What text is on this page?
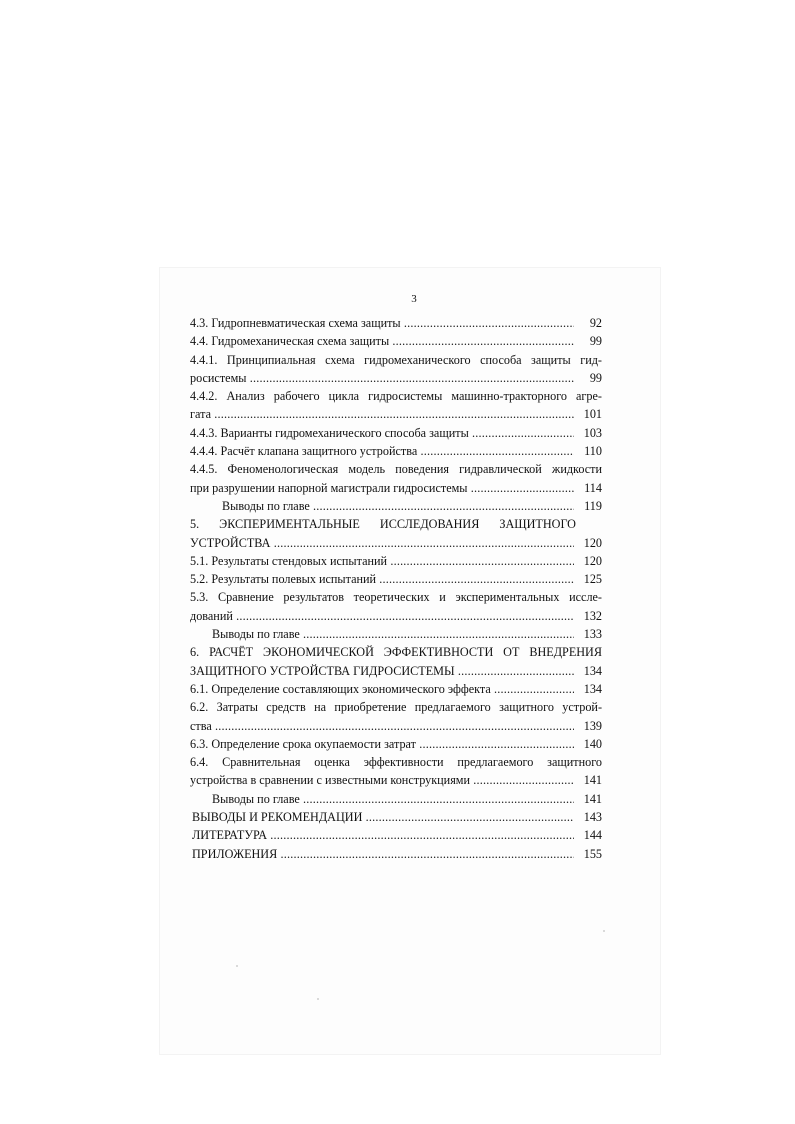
3
4.3. Гидропневматическая схема защиты .....	92
4.4. Гидромеханическая схема защиты .....	99
4.4.1. Принципиальная схема гидромеханического способа защиты гид-
росистемы .....	99
4.4.2. Анализ рабочего цикла гидросистемы машинно-тракторного агре-
гата .....	101
4.4.3. Варианты гидромеханического способа защиты .....	103
4.4.4. Расчёт клапана защитного устройства .....	110
4.4.5. Феноменологическая модель поведения гидравлической жидкости
при разрушении напорной магистрали гидросистемы .....	114
Выводы по главе .....	119
5. ЭКСПЕРИМЕНТАЛЬНЫЕ ИССЛЕДОВАНИЯ ЗАЩИТНОГО
УСТРОЙСТВА .....	120
5.1. Результаты стендовых испытаний .....	120
5.2. Результаты полевых испытаний .....	125
5.3. Сравнение результатов теоретических и экспериментальных иссле-
дований .....	132
Выводы по главе .....	133
6. РАСЧЁТ ЭКОНОМИЧЕСКОЙ ЭФФЕКТИВНОСТИ ОТ ВНЕДРЕНИЯ
ЗАЩИТНОГО УСТРОЙСТВА ГИДРОСИСТЕМЫ .....	134
6.1. Определение составляющих экономического эффекта .....	134
6.2. Затраты средств на приобретение предлагаемого защитного устрой-
ства .....	139
6.3. Определение срока окупаемости затрат .....	140
6.4. Сравнительная оценка эффективности предлагаемого защитного
устройства в сравнении с известными конструкциями .....	141
Выводы по главе .....	141
ВЫВОДЫ И РЕКОМЕНДАЦИИ .....	143
ЛИТЕРАТУРА .....	144
ПРИЛОЖЕНИЯ .....	155
